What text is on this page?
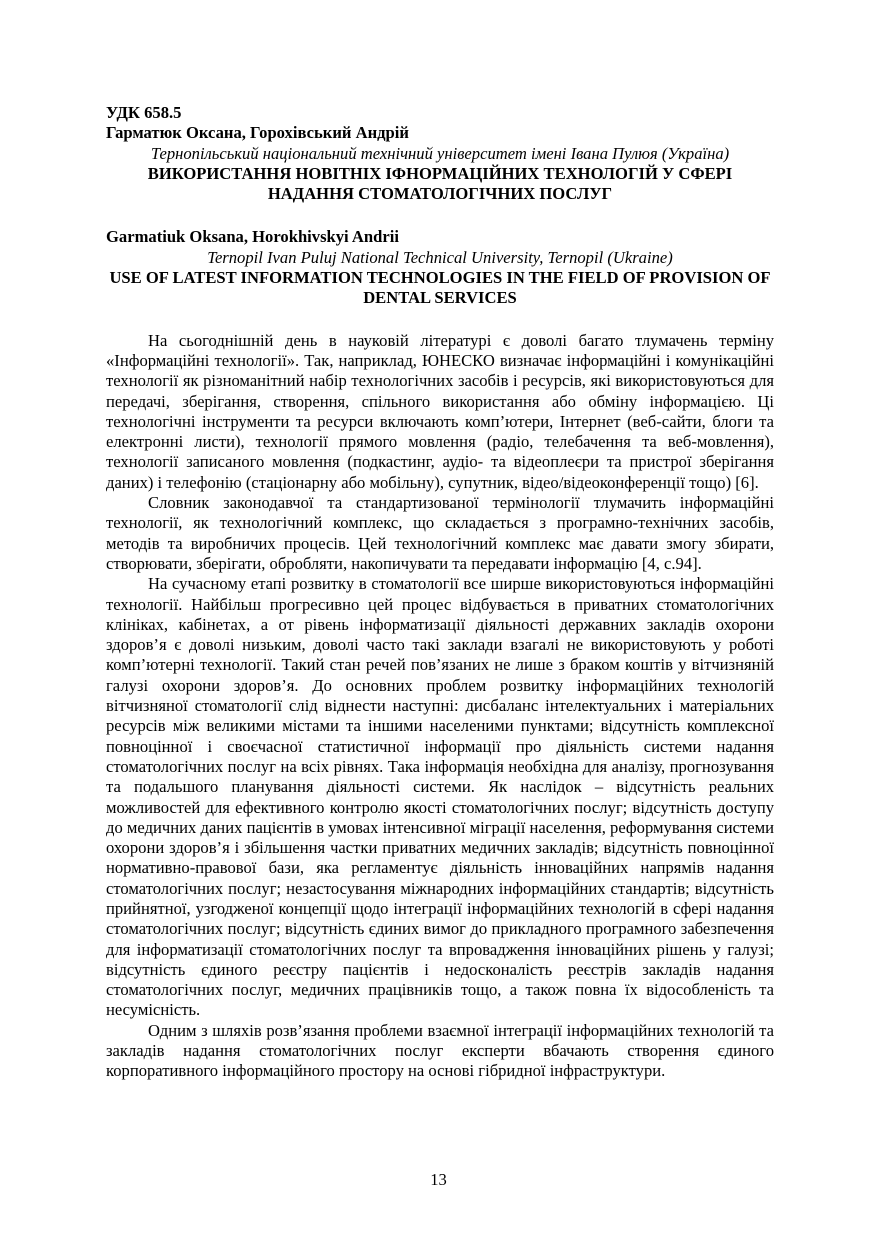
УДК 658.5

Гарматюк Оксана, Горохівський Андрій

Тернопільський національний технічний університет імені Івана Пулюя (Україна)

ВИКОРИСТАННЯ НОВІТНІХ ІФНОРМАЦІЙНИХ ТЕХНОЛОГІЙ У СФЕРІ НАДАННЯ СТОМАТОЛОГІЧНИХ ПОСЛУГ

Garmatiuk Oksana, Horokhivskyi Andrii

Ternopil Ivan Puluj National Technical University, Ternopil (Ukraine)

USE OF LATEST INFORMATION TECHNOLOGIES IN THE FIELD OF PROVISION OF DENTAL SERVICES

На сьогоднішній день в науковій літературі є доволі багато тлумачень терміну «Інформаційні технології». Так, наприклад, ЮНЕСКО визначає інформаційні і комунікаційні технології як різноманітний набір технологічних засобів і ресурсів, які використовуються для передачі, зберігання, створення, спільного використання або обміну інформацією. Ці технологічні інструменти та ресурси включають комп’ютери, Інтернет (веб-сайти, блоги та електронні листи), технології прямого мовлення (радіо, телебачення та веб-мовлення), технології записаного мовлення (подкастинг, аудіо- та відеоплеєри та пристрої зберігання даних) і телефонію (стаціонарну або мобільну), супутник, відео/відеоконференції тощо) [6].

Словник законодавчої та стандартизованої термінології тлумачить інформаційні технології, як технологічний комплекс, що складається з програмно-технічних засобів, методів та виробничих процесів. Цей технологічний комплекс має давати змогу збирати, створювати, зберігати, обробляти, накопичувати та передавати інформацію [4, с.94].

На сучасному етапі розвитку в стоматології все ширше використовуються інформаційні технології. Найбільш прогресивно цей процес відбувається в приватних стоматологічних клініках, кабінетах, а от рівень інформатизації діяльності державних закладів охорони здоров’я є доволі низьким, доволі часто такі заклади взагалі не використовують у роботі комп’ютерні технології. Такий стан речей пов’язаних не лише з браком коштів у вітчизняній галузі охорони здоров’я. До основних проблем розвитку інформаційних технологій вітчизняної стоматології слід віднести наступні: дисбаланс інтелектуальних і матеріальних ресурсів між великими містами та іншими населеними пунктами; відсутність комплексної повноцінної і своєчасної статистичної інформації про діяльність системи надання стоматологічних послуг на всіх рівнях. Така інформація необхідна для аналізу, прогнозування та подальшого планування діяльності системи. Як наслідок – відсутність реальних можливостей для ефективного контролю якості стоматологічних послуг; відсутність доступу до медичних даних пацієнтів в умовах інтенсивної міграції населення, реформування системи охорони здоров’я і збільшення частки приватних медичних закладів; відсутність повноцінної нормативно-правової бази, яка регламентує діяльність інноваційних напрямів надання стоматологічних послуг; незастосування міжнародних інформаційних стандартів; відсутність прийнятної, узгодженої концепції щодо інтеграції інформаційних технологій в сфері надання стоматологічних послуг; відсутність єдиних вимог до прикладного програмного забезпечення для інформатизації стоматологічних послуг та впровадження інноваційних рішень у галузі; відсутність єдиного реєстру пацієнтів і недосконалість реєстрів закладів надання стоматологічних послуг, медичних працівників тощо, а також повна їх відособленість та несумісність.

Одним з шляхів розв’язання проблеми взаємної інтеграції інформаційних технологій та закладів надання стоматологічних послуг експерти вбачають створення єдиного корпоративного інформаційного простору на основі гібридної інфраструктури.

13
